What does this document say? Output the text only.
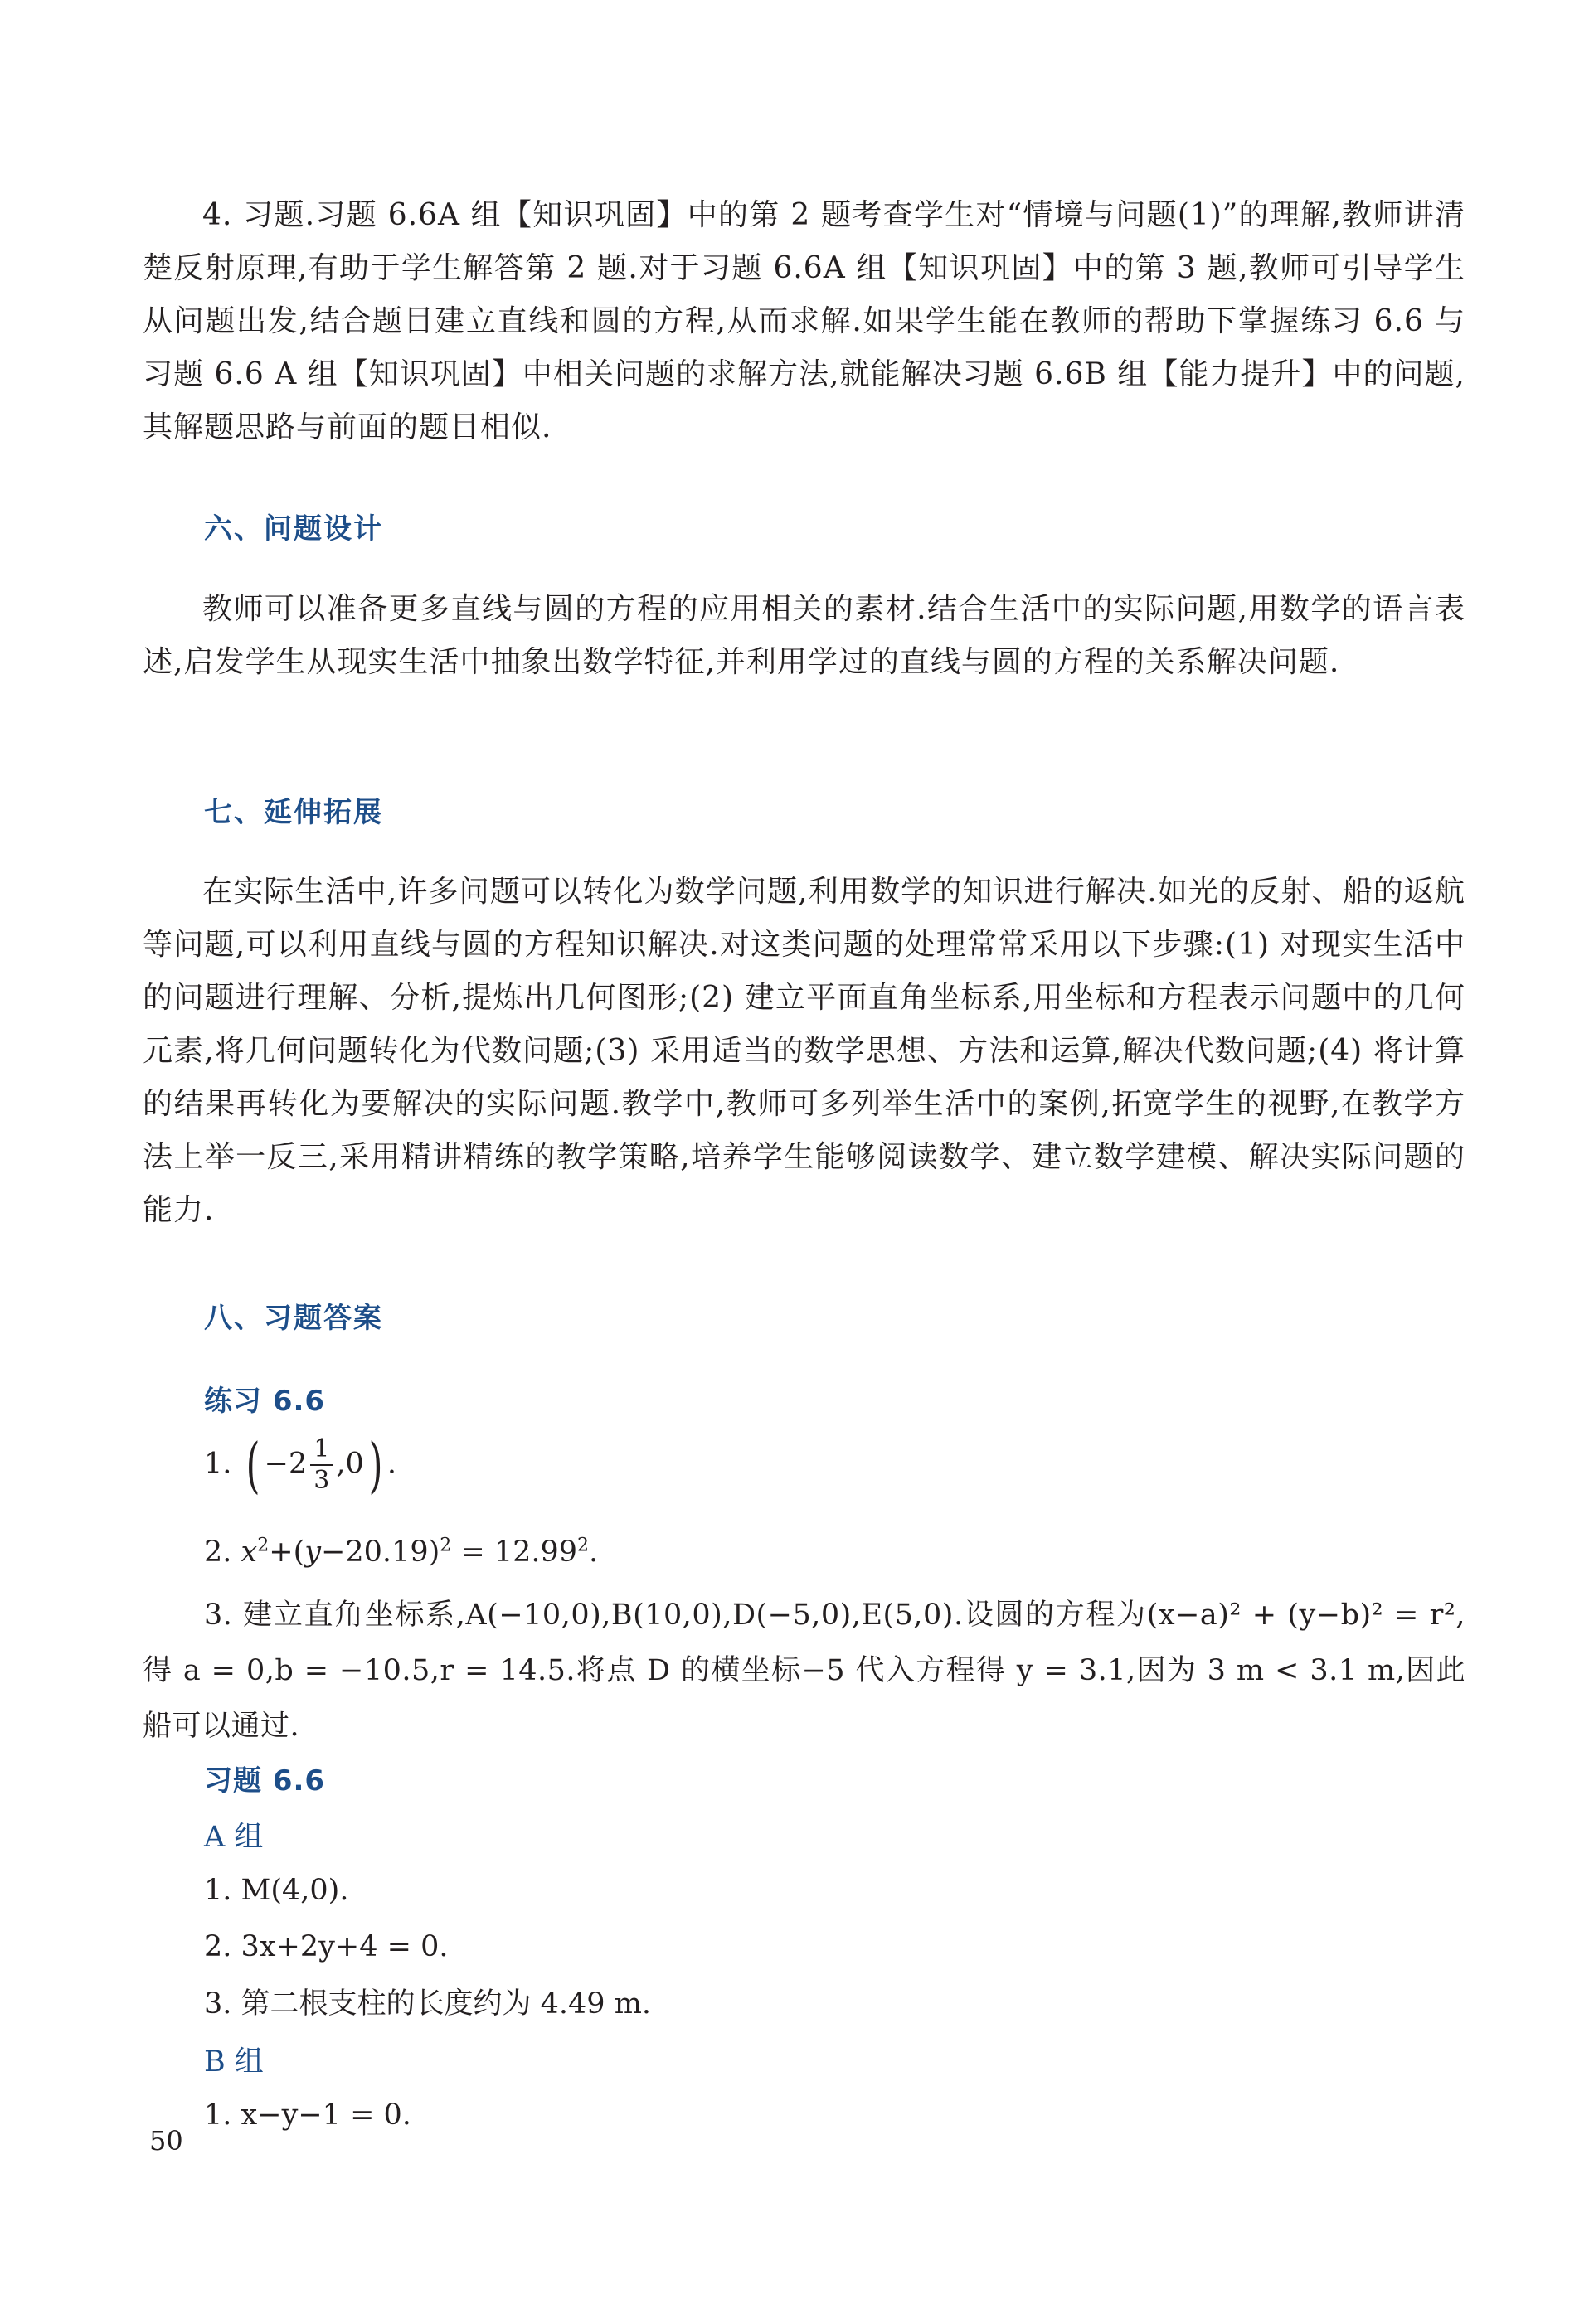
4. 习题.习题 6.6A 组【知识巩固】中的第 2 题考查学生对“情境与问题(1)”的理解,教师讲清楚反射原理,有助于学生解答第 2 题.对于习题 6.6A 组【知识巩固】中的第 3 题,教师可引导学生从问题出发,结合题目建立直线和圆的方程,从而求解.如果学生能在教师的帮助下掌握练习 6.6 与习题 6.6 A 组【知识巩固】中相关问题的求解方法,就能解决习题 6.6B 组【能力提升】中的问题,其解题思路与前面的题目相似.

六、问题设计

教师可以准备更多直线与圆的方程的应用相关的素材.结合生活中的实际问题,用数学的语言表述,启发学生从现实生活中抽象出数学特征,并利用学过的直线与圆的方程的关系解决问题.

七、延伸拓展

在实际生活中,许多问题可以转化为数学问题,利用数学的知识进行解决.如光的反射、船的返航等问题,可以利用直线与圆的方程知识解决.对这类问题的处理常常采用以下步骤:(1) 对现实生活中的问题进行理解、分析,提炼出几何图形;(2) 建立平面直角坐标系,用坐标和方程表示问题中的几何元素,将几何问题转化为代数问题;(3) 采用适当的数学思想、方法和运算,解决代数问题;(4) 将计算的结果再转化为要解决的实际问题.教学中,教师可多列举生活中的案例,拓宽学生的视野,在教学方法上举一反三,采用精讲精练的教学策略,培养学生能够阅读数学、建立数学建模、解决实际问题的能力.

八、习题答案
练习 6.6
1. ( $-2 \frac{1}{3} ,0$) .
2. $x^2+(y-20.19)^2 = 12.99^2$.

3. 建立直角坐标系,A(−10,0),B(10,0),D(−5,0),E(5,0).设圆的方程为(x−a)² + (y−b)² = r²,得 a = 0,b = −10.5,r = 14.5.将点 D 的横坐标−5 代入方程得 y = 3.1,因为 3 m < 3.1 m,因此船可以通过.

习题 6.6
A 组
1. M(4,0).
2. 3x+2y+4 = 0.
3. 第二根支柱的长度约为 4.49 m.
B 组
1. x−y−1 = 0.
50
